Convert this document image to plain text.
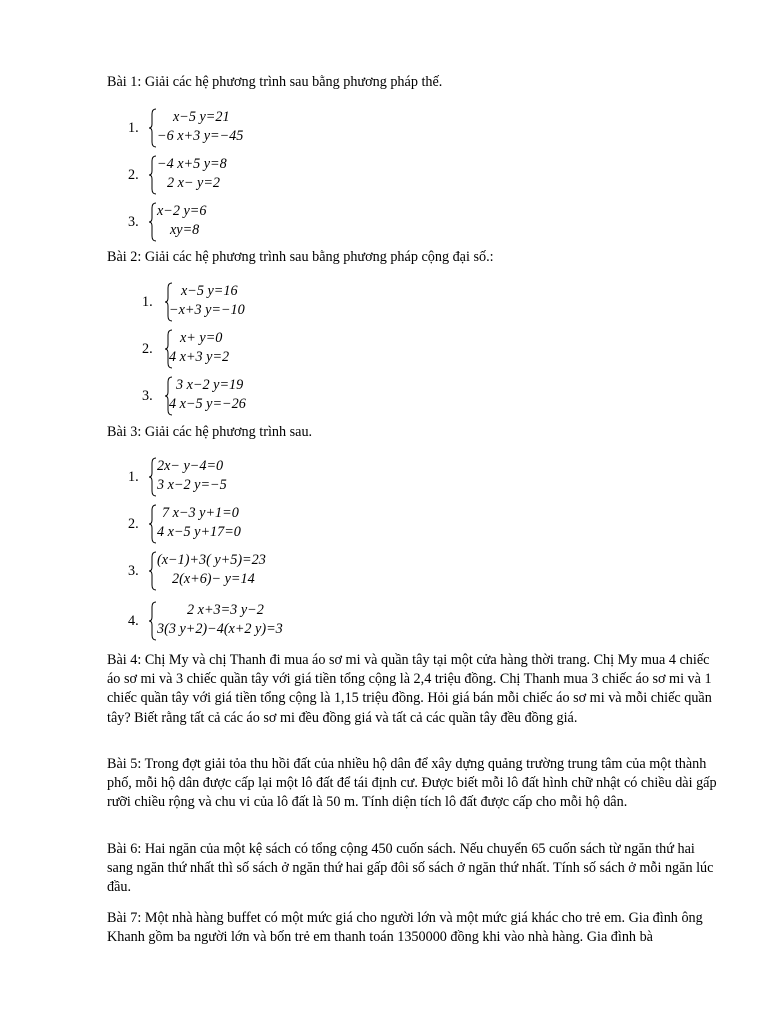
Bài 1: Giải các hệ phương trình sau bằng phương pháp thế.
1.
x−5 y=21
−6 x+3 y=−45
2.
−4 x+5 y=8
2 x− y=2
3.
x−2 y=6
xy=8
Bài 2: Giải các hệ phương trình sau bằng phương pháp cộng đại số.:
1.
x−5 y=16
−x+3 y=−10
2.
x+ y=0
4 x+3 y=2
3.
3 x−2 y=19
4 x−5 y=−26
Bài 3: Giải các hệ phương trình sau.
1.
2x− y−4=0
3 x−2 y=−5
2.
7 x−3 y+1=0
4 x−5 y+17=0
3.
(x−1)+3( y+5)=23
2(x+6)− y=14
4.
2 x+3=3 y−2
3(3 y+2)−4(x+2 y)=3

Bài 4: Chị My và chị Thanh đi mua áo sơ mi và quần tây tại một cửa hàng thời trang. Chị My mua 4 chiếc áo sơ mi và 3 chiếc quần tây với giá tiền tổng cộng là 2,4 triệu đồng. Chị Thanh mua 3 chiếc áo sơ mi và 1 chiếc quần tây với giá tiền tổng cộng là 1,15 triệu đồng. Hỏi giá bán mỗi chiếc áo sơ mi và mỗi chiếc quần tây? Biết rằng tất cả các áo sơ mi đều đồng giá và tất cả các quần tây đều đồng giá.

Bài 5: Trong đợt giải tỏa thu hồi đất của nhiều hộ dân để xây dựng quảng trường trung tâm của một thành phố, mỗi hộ dân được cấp lại một lô đất để tái định cư. Được biết mỗi lô đất hình chữ nhật có chiều dài gấp rưỡi chiều rộng và chu vi của lô đất là 50 m. Tính diện tích lô đất được cấp cho mỗi hộ dân.

Bài 6: Hai ngăn của một kệ sách có tổng cộng 450 cuốn sách. Nếu chuyển 65 cuốn sách từ ngăn thứ hai sang ngăn thứ nhất thì số sách ở ngăn thứ hai gấp đôi số sách ở ngăn thứ nhất. Tính số sách ở mỗi ngăn lúc đầu.

Bài 7: Một nhà hàng buffet có một mức giá cho người lớn và một mức giá khác cho trẻ em. Gia đình ông Khanh gồm ba người lớn và bốn trẻ em thanh toán 1350000 đồng khi vào nhà hàng. Gia đình bà
